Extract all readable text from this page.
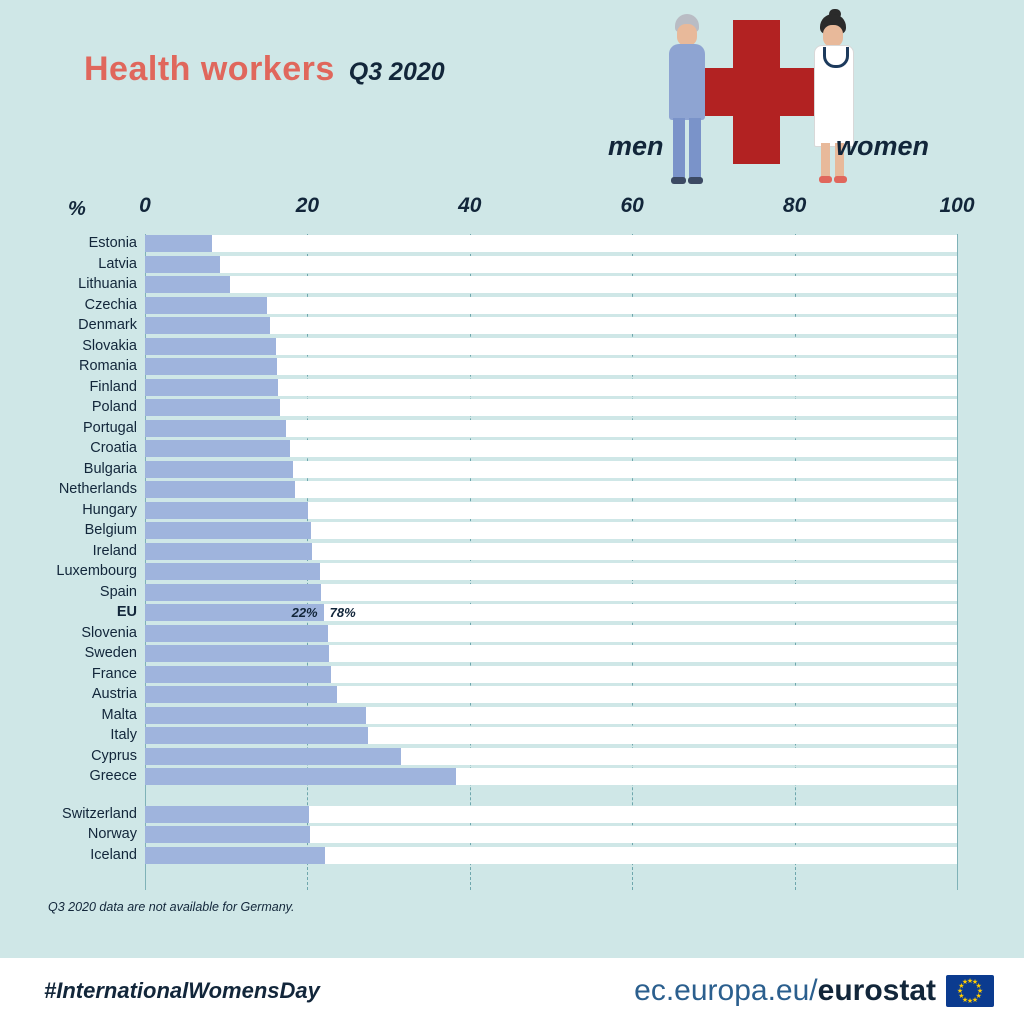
Health workers Q3 2020
men	women
%	0	20	40	60	80	100
Estonia
Latvia
Lithuania
Czechia
Denmark
Slovakia
Romania
Finland
Poland
Portugal
Croatia
Bulgaria
Netherlands
Hungary
Belgium
Ireland
Luxembourg
Spain
EU	22% 78%
Slovenia
Sweden
France
Austria
Malta
Italy
Cyprus
Greece
Switzerland
Norway
Iceland
Q3 2020 data are not available for Germany.
#InternationalWomensDay	ec.europa.eu/eurostat	★
★
★
★
★
★
★
★
★
★
★
★
